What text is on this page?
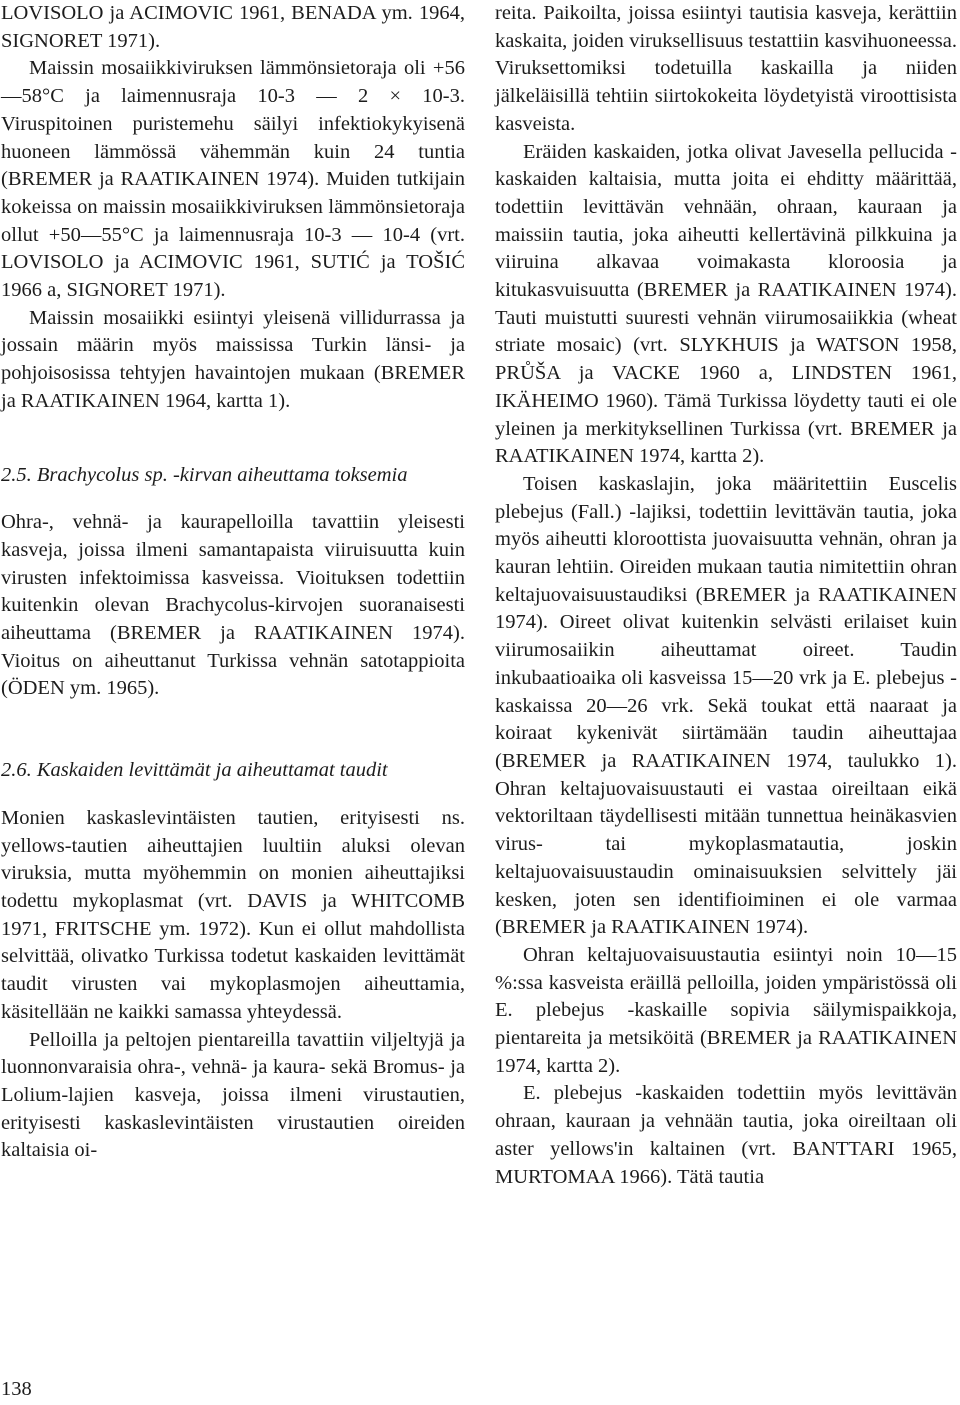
LOVISOLO ja ACIMOVIC 1961, BENADA ym. 1964, SIGNORET 1971).

Maissin mosaiikkiviruksen lämmönsietoraja oli +56—58°C ja laimennusraja 10-3 — 2 × 10-3. Viruspitoinen puristemehu säilyi infektiokykyisenä huoneen lämmössä vähemmän kuin 24 tuntia (BREMER ja RAATIKAINEN 1974). Muiden tutkijain kokeissa on maissin mosaiikkiviruksen lämmönsietoraja ollut +50—55°C ja laimennusraja 10-3 — 10-4 (vrt. LOVISOLO ja ACIMOVIC 1961, SUTIĆ ja TOŠIĆ 1966 a, SIGNORET 1971).

Maissin mosaiikki esiintyi yleisenä villidurrassa ja jossain määrin myös maississa Turkin länsi- ja pohjoisosissa tehtyjen havaintojen mukaan (BREMER ja RAATIKAINEN 1964, kartta 1).

2.5. Brachycolus sp. -kirvan aiheuttama toksemia

Ohra-, vehnä- ja kaurapelloilla tavattiin yleisesti kasveja, joissa ilmeni samantapaista viiruisuutta kuin virusten infektoimissa kasveissa. Vioituksen todettiin kuitenkin olevan Brachycolus-kirvojen suoranaisesti aiheuttama (BREMER ja RAATIKAINEN 1974). Vioitus on aiheuttanut Turkissa vehnän satotappioita (ÖDEN ym. 1965).

2.6. Kaskaiden levittämät ja aiheuttamat taudit

Monien kaskaslevintäisten tautien, erityisesti ns. yellows-tautien aiheuttajien luultiin aluksi olevan viruksia, mutta myöhemmin on monien aiheuttajiksi todettu mykoplasmat (vrt. DAVIS ja WHITCOMB 1971, FRITSCHE ym. 1972). Kun ei ollut mahdollista selvittää, olivatko Turkissa todetut kaskaiden levittämät taudit virusten vai mykoplasmojen aiheuttamia, käsitellään ne kaikki samassa yhteydessä.

Pelloilla ja peltojen pientareilla tavattiin viljeltyjä ja luonnonvaraisia ohra-, vehnä- ja kaura- sekä Bromus- ja Lolium-lajien kasveja, joissa ilmeni virustautien, erityisesti kaskaslevintäisten virustautien oireiden kaltaisia oi-

reita. Paikoilta, joissa esiintyi tautisia kasveja, kerättiin kaskaita, joiden viruksellisuus testattiin kasvihuoneessa. Viruksettomiksi todetuilla kaskailla ja niiden jälkeläisillä tehtiin siirtokokeita löydetyistä viroottisista kasveista.

Eräiden kaskaiden, jotka olivat Javesella pellucida -kaskaiden kaltaisia, mutta joita ei ehditty määrittää, todettiin levittävän vehnään, ohraan, kauraan ja maissiin tautia, joka aiheutti kellertävinä pilkkuina ja viiruina alkavaa voimakasta kloroosia ja kitukasvuisuutta (BREMER ja RAATIKAINEN 1974). Tauti muistutti suuresti vehnän viirumosaiikkia (wheat striate mosaic) (vrt. SLYKHUIS ja WATSON 1958, PRŮŠA ja VACKE 1960 a, LINDSTEN 1961, IKÄHEIMO 1960). Tämä Turkissa löydetty tauti ei ole yleinen ja merkityksellinen Turkissa (vrt. BREMER ja RAATIKAINEN 1974, kartta 2).

Toisen kaskaslajin, joka määritettiin Euscelis plebejus (Fall.) -lajiksi, todettiin levittävän tautia, joka myös aiheutti kloroottista juovaisuutta vehnän, ohran ja kauran lehtiin. Oireiden mukaan tautia nimitettiin ohran keltajuovaisuustaudiksi (BREMER ja RAATIKAINEN 1974). Oireet olivat kuitenkin selvästi erilaiset kuin viirumosaiikin aiheuttamat oireet. Taudin inkubaatioaika oli kasveissa 15—20 vrk ja E. plebejus -kaskaissa 20—26 vrk. Sekä toukat että naaraat ja koiraat kykenivät siirtämään taudin aiheuttajaa (BREMER ja RAATIKAINEN 1974, taulukko 1). Ohran keltajuovaisuustauti ei vastaa oireiltaan eikä vektoriltaan täydellisesti mitään tunnettua heinäkasvien virus- tai mykoplasmatautia, joskin keltajuovaisuustaudin ominaisuuksien selvittely jäi kesken, joten sen identifioiminen ei ole varmaa (BREMER ja RAATIKAINEN 1974).

Ohran keltajuovaisuustautia esiintyi noin 10—15 %:ssa kasveista eräillä pelloilla, joiden ympäristössä oli E. plebejus -kaskaille sopivia säilymispaikkoja, pientareita ja metsiköitä (BREMER ja RAATIKAINEN 1974, kartta 2).

E. plebejus -kaskaiden todettiin myös levittävän ohraan, kauraan ja vehnään tautia, joka oireiltaan oli aster yellows'in kaltainen (vrt. BANTTARI 1965, MURTOMAA 1966). Tätä tautia

138
